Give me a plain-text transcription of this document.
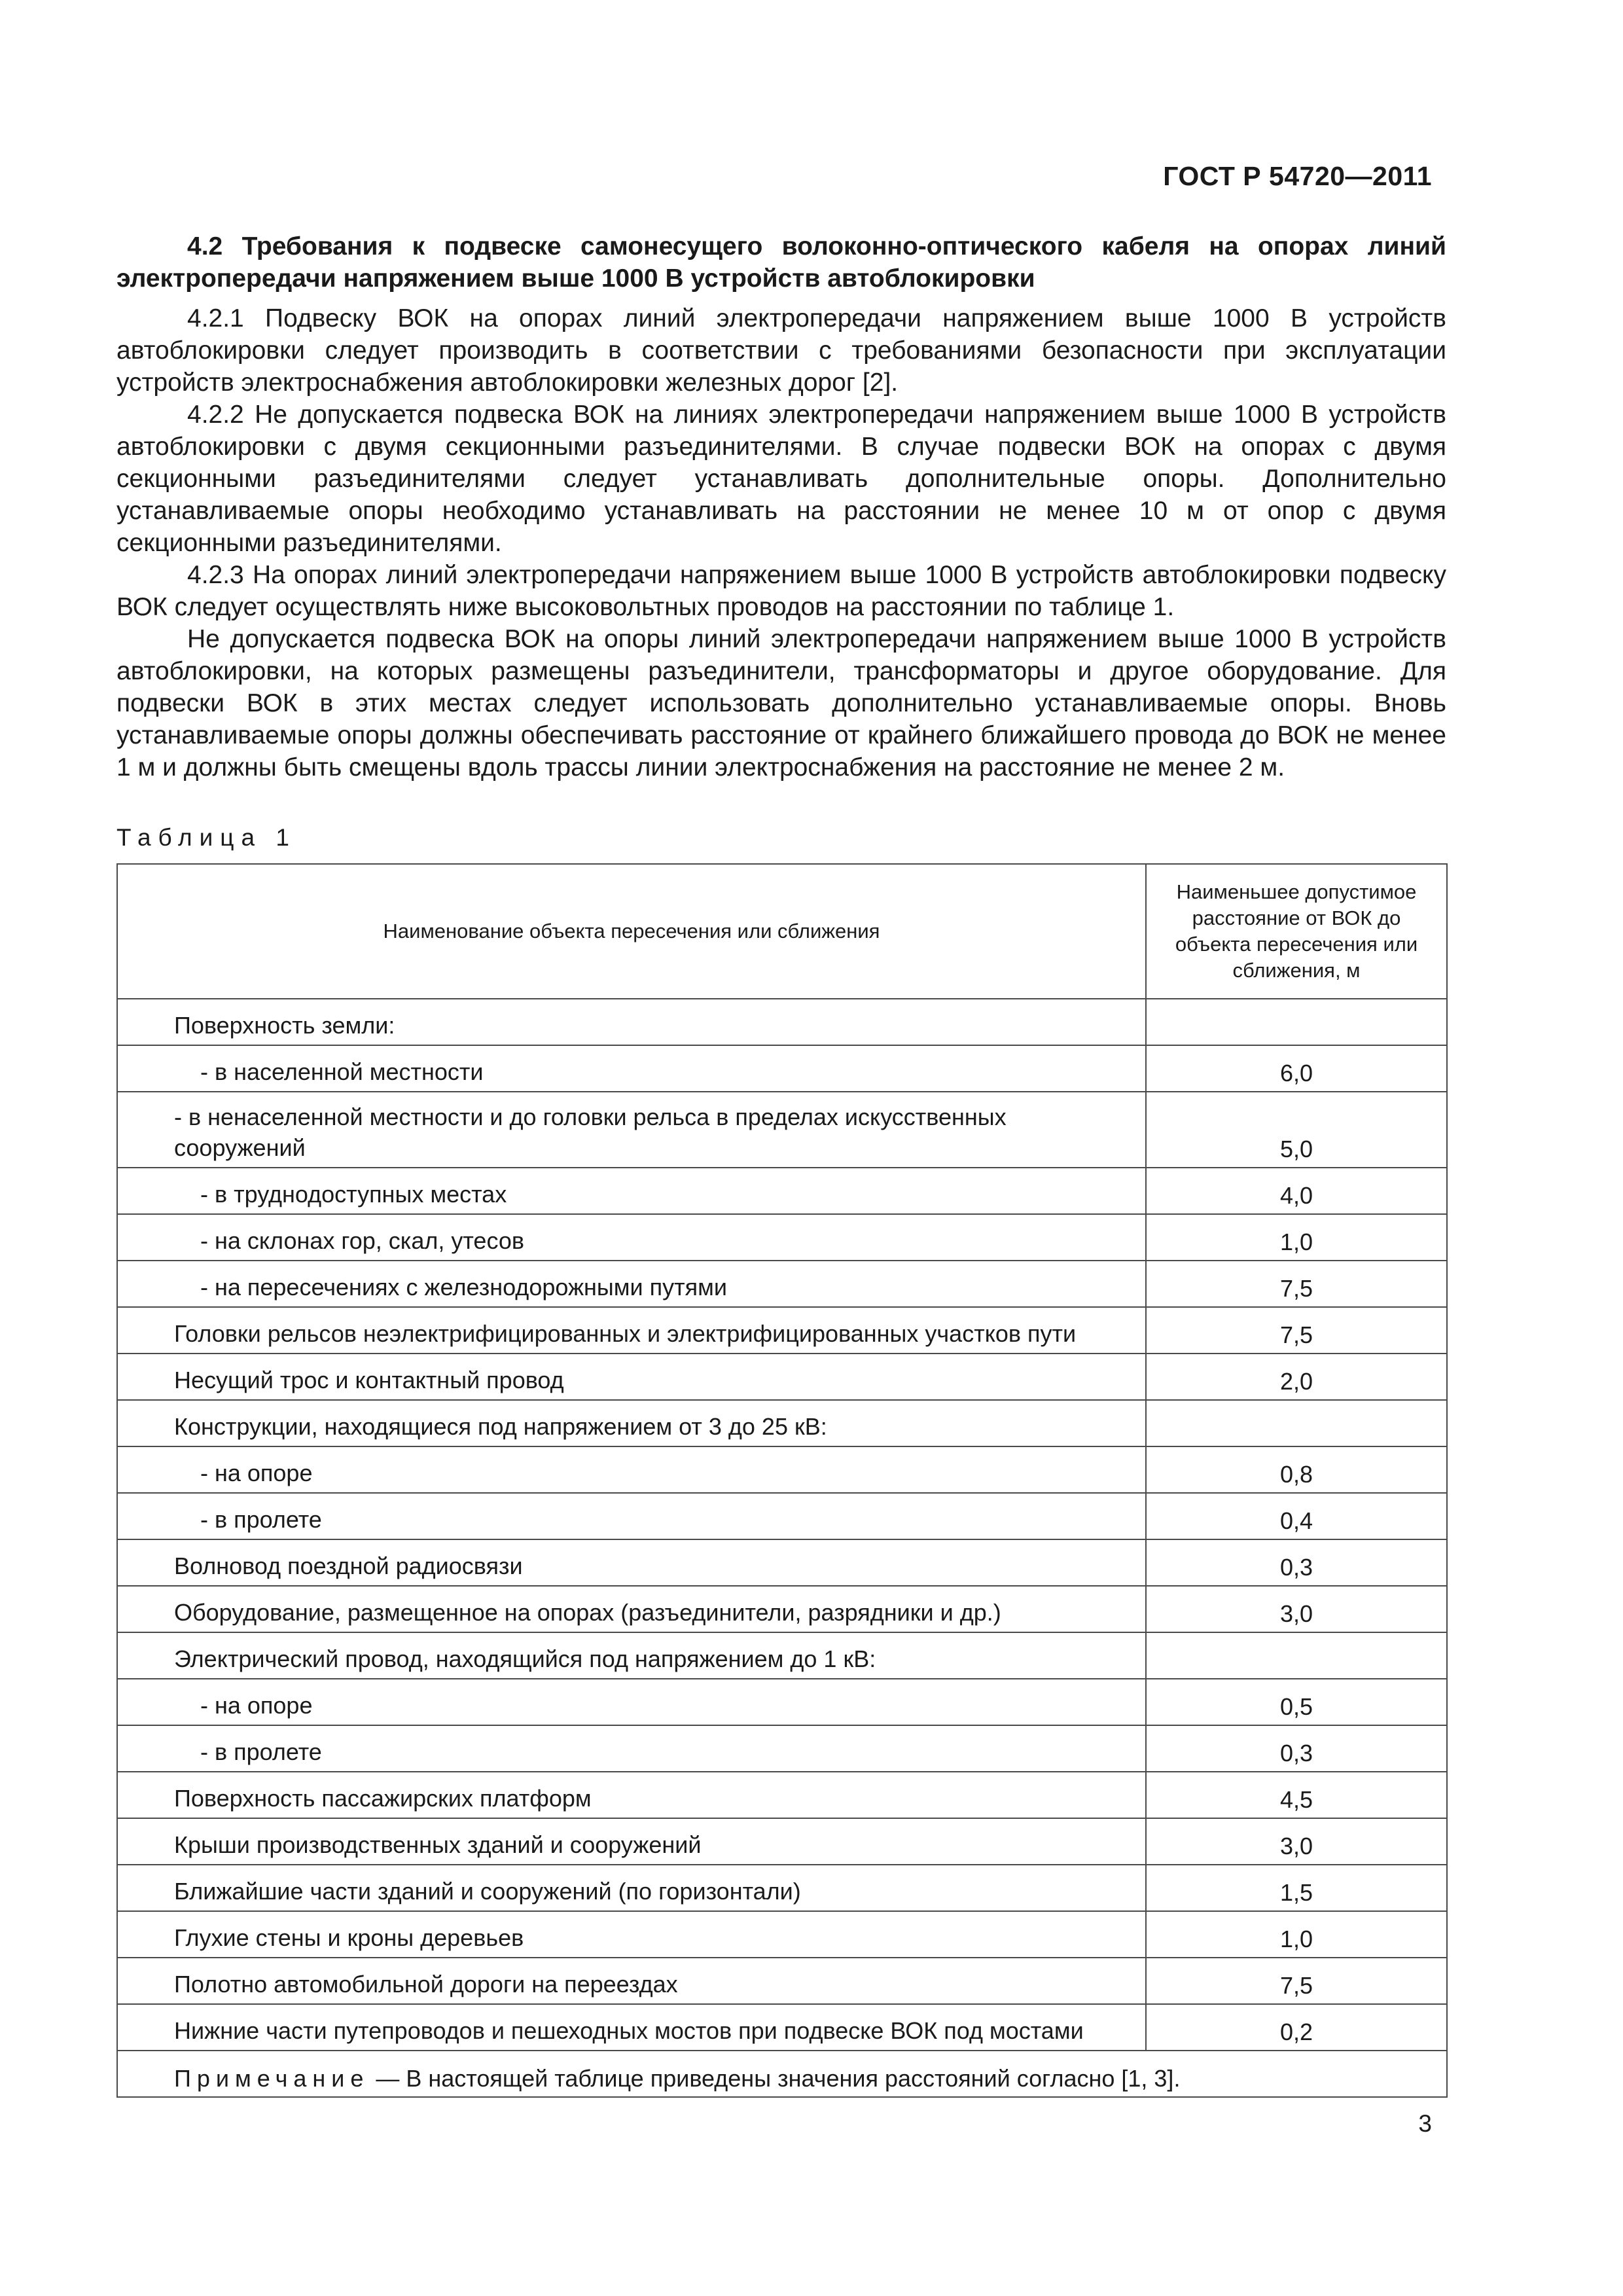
ГОСТ Р 54720—2011

4.2 Требования к подвеске самонесущего волоконно-оптического кабеля на опорах линий электропередачи напряжением выше 1000 В устройств автоблокировки

4.2.1 Подвеску ВОК на опорах линий электропередачи напряжением выше 1000 В устройств автоблокировки следует производить в соответствии с требованиями безопасности при эксплуатации устройств электроснабжения автоблокировки железных дорог [2].

4.2.2 Не допускается подвеска ВОК на линиях электропередачи напряжением выше 1000 В устройств автоблокировки с двумя секционными разъединителями. В случае подвески ВОК на опорах с двумя секционными разъединителями следует устанавливать дополнительные опоры. Дополнительно устанавливаемые опоры необходимо устанавливать на расстоянии не менее 10 м от опор с двумя секционными разъединителями.

4.2.3 На опорах линий электропередачи напряжением выше 1000 В устройств автоблокировки подвеску ВОК следует осуществлять ниже высоковольтных проводов на расстоянии по таблице 1.

Не допускается подвеска ВОК на опоры линий электропередачи напряжением выше 1000 В устройств автоблокировки, на которых размещены разъединители, трансформаторы и другое оборудование. Для подвески ВОК в этих местах следует использовать дополнительно устанавливаемые опоры. Вновь устанавливаемые опоры должны обеспечивать расстояние от крайнего ближайшего провода до ВОК не менее 1 м и должны быть смещены вдоль трассы линии электроснабжения на расстояние не менее 2 м.

Таблица 1
Наименование объекта пересечения или сближения	Наименьшее допустимое расстояние от ВОК до объекта пересечения или сближения, м
Поверхность земли:	
- в населенной местности	6,0
- в ненаселенной местности и до головки рельса в пределах искусственных сооружений	5,0
- в труднодоступных местах	4,0
- на склонах гор, скал, утесов	1,0
- на пересечениях с железнодорожными путями	7,5
Головки рельсов неэлектрифицированных и электрифицированных участков пути	7,5
Несущий трос и контактный провод	2,0
Конструкции, находящиеся под напряжением от 3 до 25 кВ:	
- на опоре	0,8
- в пролете	0,4
Волновод поездной радиосвязи	0,3
Оборудование, размещенное на опорах (разъединители, разрядники и др.)	3,0
Электрический провод, находящийся под напряжением до 1 кВ:	
- на опоре	0,5
- в пролете	0,3
Поверхность пассажирских платформ	4,5
Крыши производственных зданий и сооружений	3,0
Ближайшие части зданий и сооружений (по горизонтали)	1,5
Глухие стены и кроны деревьев	1,0
Полотно автомобильной дороги на переездах	7,5
Нижние части путепроводов и пешеходных мостов при подвеске ВОК под мостами	0,2
Примечание — В настоящей таблице приведены значения расстояний согласно [1, 3].	
3
